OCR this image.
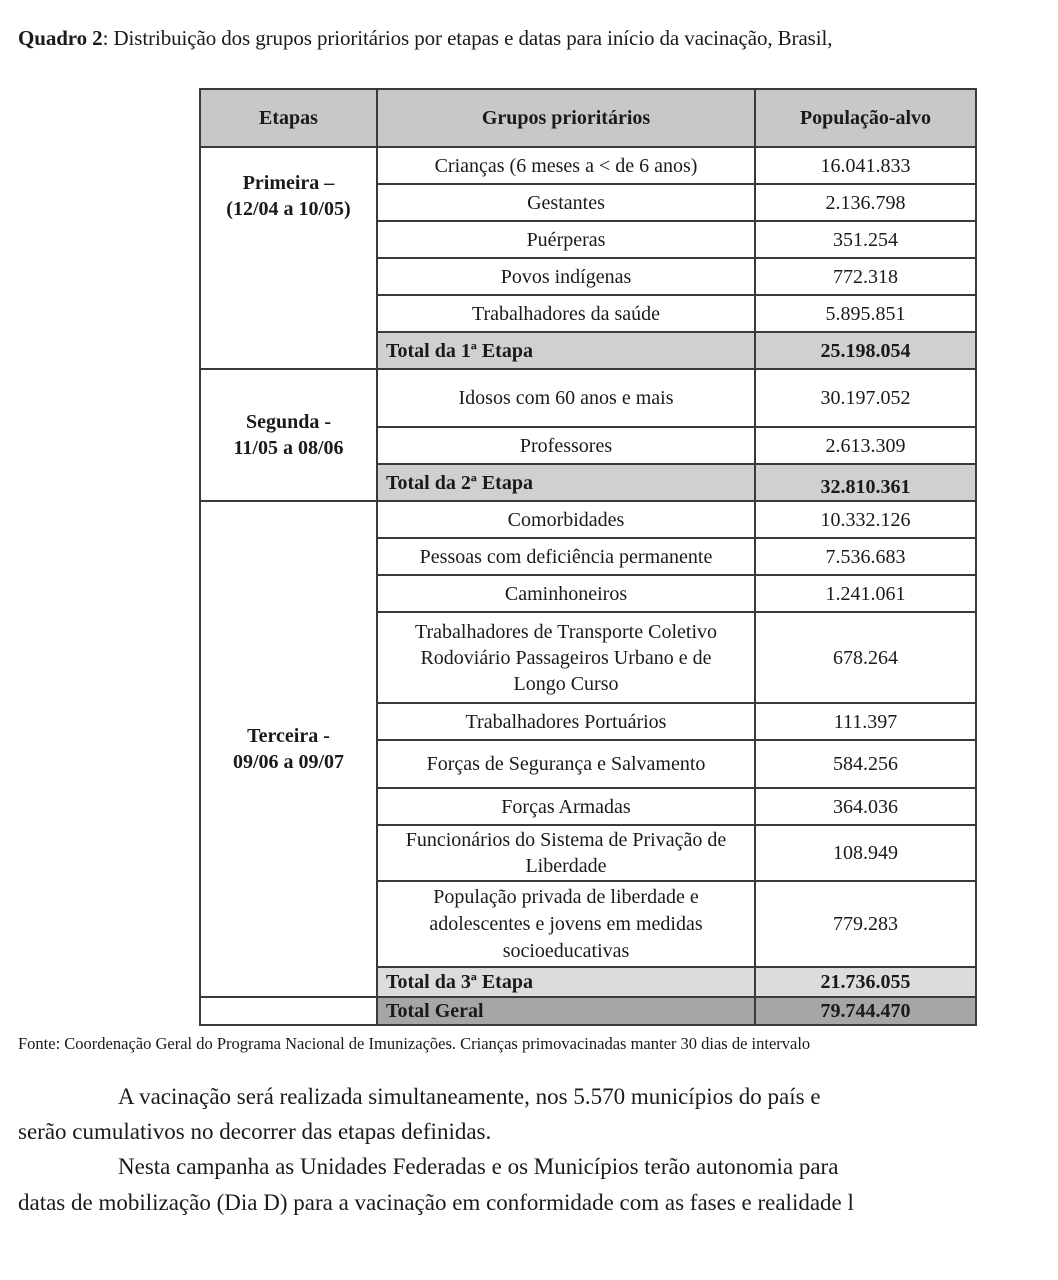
Quadro 2: Distribuição dos grupos prioritários por etapas e datas para início da vacinação, Brasil,
Etapas	Grupos prioritários	População-alvo

Primeira –
(12/04 a 10/05)	Crianças (6 meses a < de 6 anos)	16.041.833
	Gestantes	2.136.798
	Puérperas	351.254
	Povos indígenas	772.318
	Trabalhadores da saúde	5.895.851
	Total da 1ª Etapa	25.198.054

Segunda -
11/05 a 08/06	Idosos com 60 anos e mais	30.197.052
	Professores	2.613.309
	Total da 2ª Etapa	32.810.361

Terceira -
09/06 a 09/07	Comorbidades	10.332.126
	Pessoas com deficiência permanente	7.536.683
	Caminhoneiros	1.241.061
	Trabalhadores de Transporte Coletivo Rodoviário Passageiros Urbano e de Longo Curso	678.264
	Trabalhadores Portuários	111.397
	Forças de Segurança e Salvamento	584.256
	Forças Armadas	364.036
	Funcionários do Sistema de Privação de Liberdade	108.949
	População privada de liberdade e adolescentes e jovens em medidas socioeducativas	779.283
	Total da 3ª Etapa	21.736.055
	Total Geral	79.744.470
Fonte: Coordenação Geral do Programa Nacional de Imunizações. Crianças primovacinadas manter 30 dias de intervalo
A vacinação será realizada simultaneamente, nos 5.570 municípios do país e
serão cumulativos no decorrer das etapas definidas.
Nesta campanha as Unidades Federadas e os Municípios terão autonomia para
datas de mobilização (Dia D) para a vacinação em conformidade com as fases e realidade l
